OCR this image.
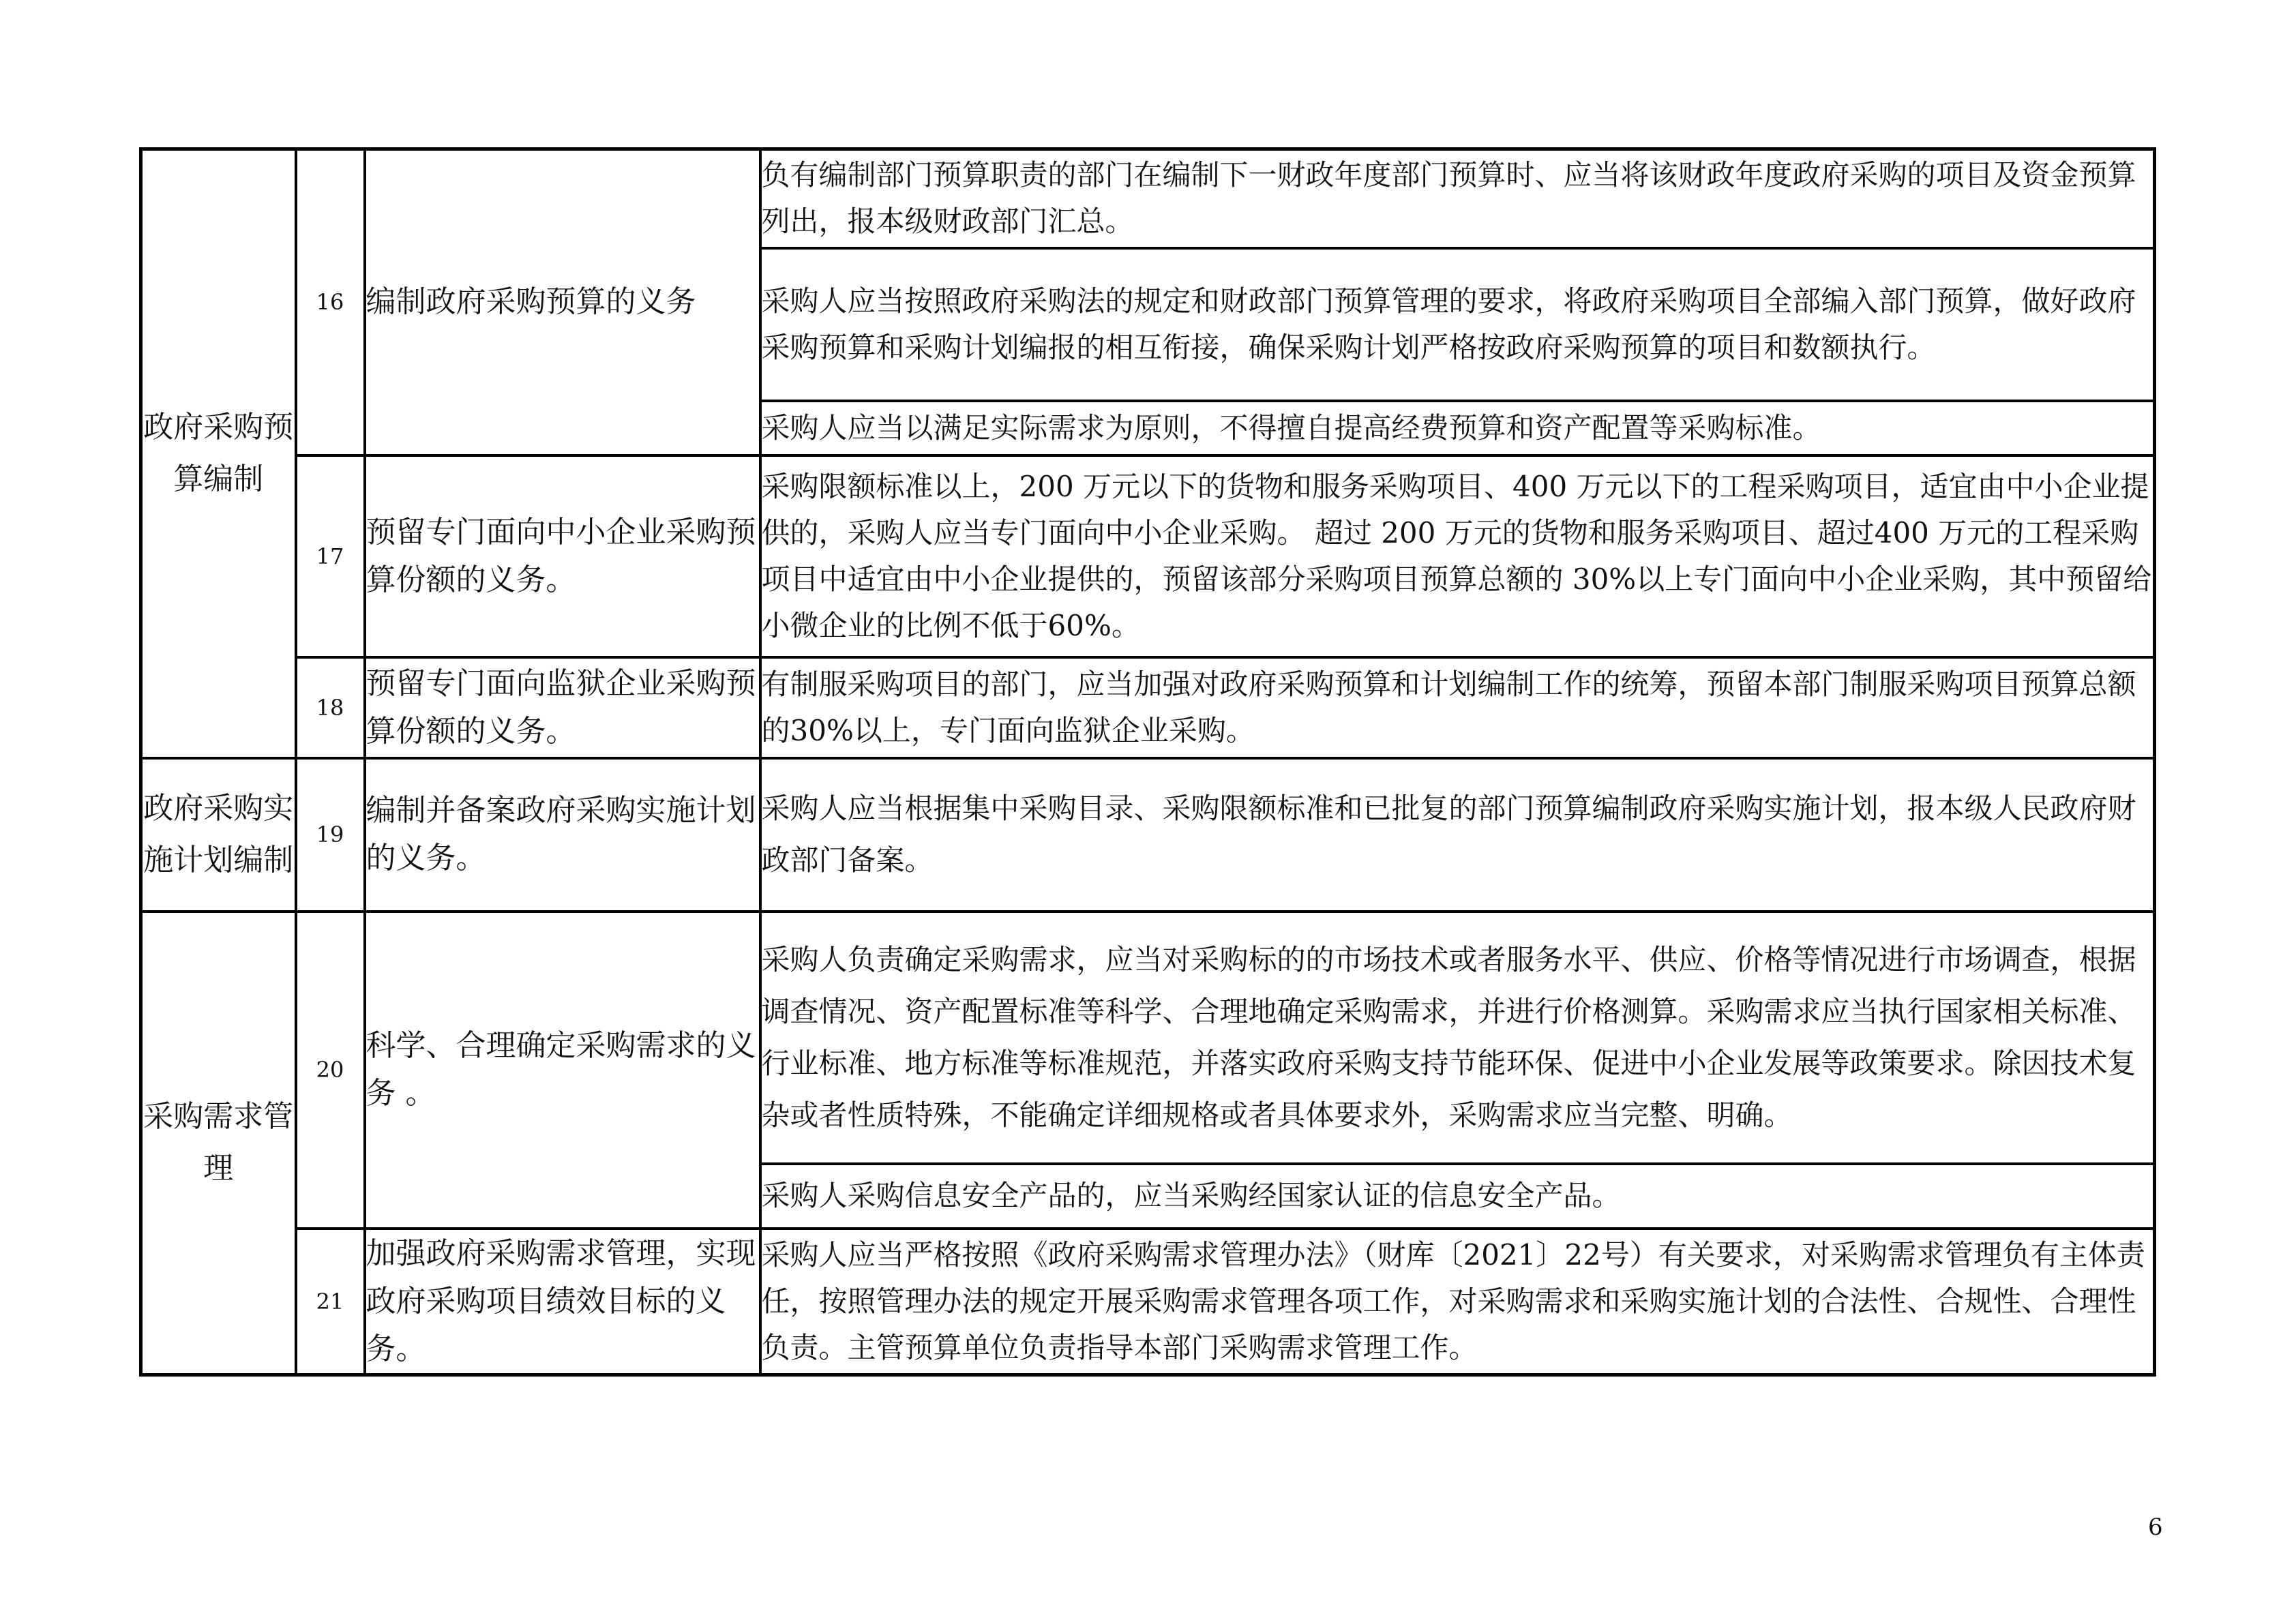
政府采购预算编制	16	编制政府采购预算的义务	负有编制部门预算职责的部门在编制下一财政年度部门预算时、应当将该财政年度政府采购的项目及资金预算列出，报本级财政部门汇总。
			采购人应当按照政府采购法的规定和财政部门预算管理的要求，将政府采购项目全部编入部门预算，做好政府采购预算和采购计划编报的相互衔接，确保采购计划严格按政府采购预算的项目和数额执行。
			采购人应当以满足实际需求为原则，不得擅自提高经费预算和资产配置等采购标准。
	17	预留专门面向中小企业采购预算份额的义务。	采购限额标准以上，200 万元以下的货物和服务采购项目、400 万元以下的工程采购项目，适宜由中小企业提供的，采购人应当专门面向中小企业采购。 超过 200 万元的货物和服务采购项目、超过400 万元的工程采购项目中适宜由中小企业提供的，预留该部分采购项目预算总额的 30%以上专门面向中小企业采购，其中预留给小微企业的比例不低于60%。
	18	预留专门面向监狱企业采购预算份额的义务。	有制服采购项目的部门，应当加强对政府采购预算和计划编制工作的统筹，预留本部门制服采购项目预算总额的30%以上，专门面向监狱企业采购。
政府采购实施计划编制	19	编制并备案政府采购实施计划的义务。	采购人应当根据集中采购目录、采购限额标准和已批复的部门预算编制政府采购实施计划，报本级人民政府财政部门备案。
采购需求管理	20	科学、合理确定采购需求的义 务 。	采购人负责确定采购需求，应当对采购标的的市场技术或者服务水平、供应、价格等情况进行市场调查，根据调查情况、资产配置标准等科学、合理地确定采购需求，并进行价格测算。采购需求应当执行国家相关标准、行业标准、地方标准等标准规范，并落实政府采购支持节能环保、促进中小企业发展等政策要求。除因技术复杂或者性质特殊，不能确定详细规格或者具体要求外，采购需求应当完整、明确。
			采购人采购信息安全产品的，应当采购经国家认证的信息安全产品。
	21	加强政府采购需求管理，实现政府采购项目绩效目标的义务。	采购人应当严格按照《政府采购需求管理办法》（财库〔2021〕22号）有关要求，对采购需求管理负有主体责任，按照管理办法的规定开展采购需求管理各项工作，对采购需求和采购实施计划的合法性、合规性、合理性负责。主管预算单位负责指导本部门采购需求管理工作。
6
